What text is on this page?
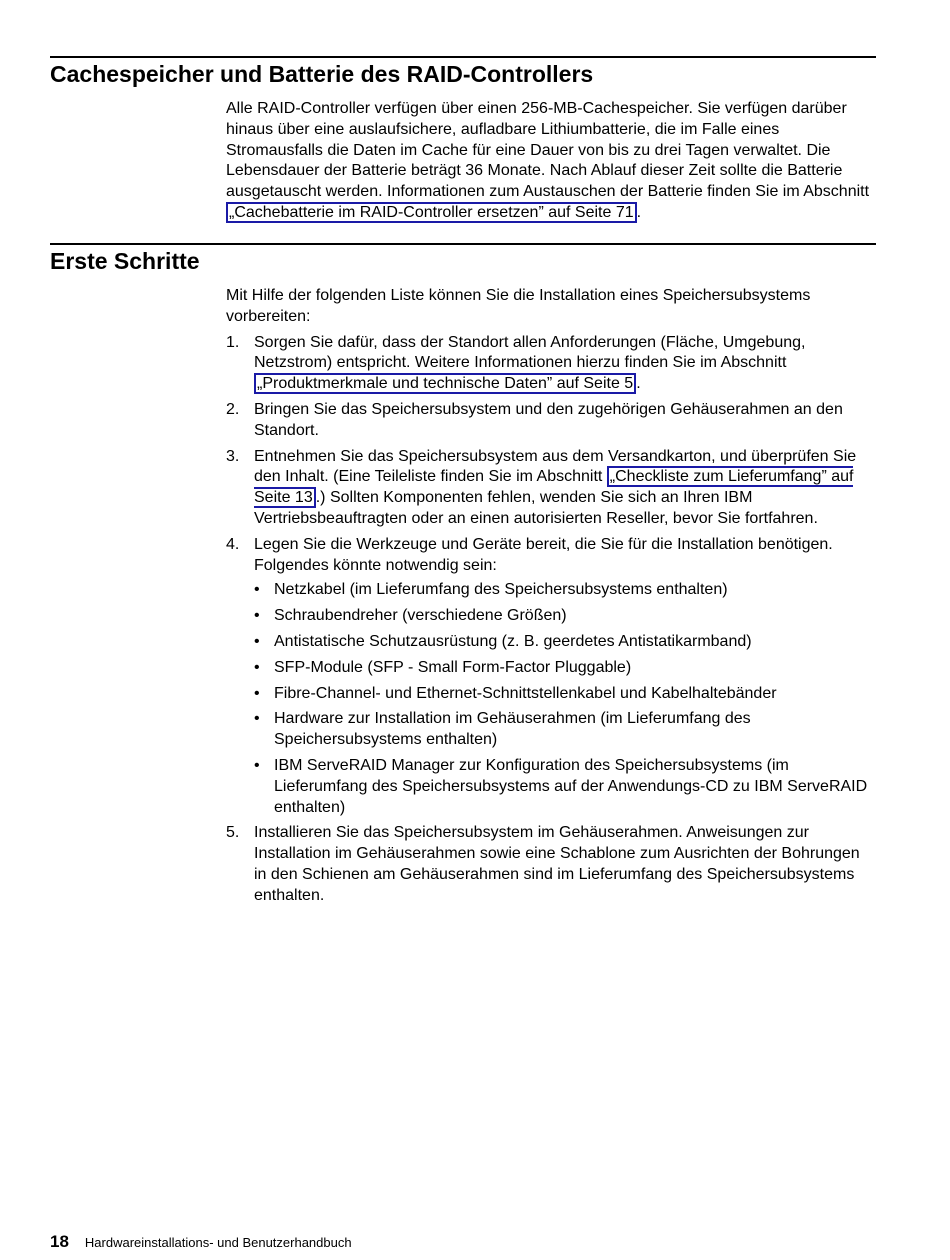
Cachespeicher und Batterie des RAID-Controllers

Alle RAID-Controller verfügen über einen 256-MB-Cachespeicher. Sie verfügen darüber hinaus über eine auslaufsichere, aufladbare Lithiumbatterie, die im Falle eines Stromausfalls die Daten im Cache für eine Dauer von bis zu drei Tagen verwaltet. Die Lebensdauer der Batterie beträgt 36 Monate. Nach Ablauf dieser Zeit sollte die Batterie ausgetauscht werden. Informationen zum Austauschen der Batterie finden Sie im Abschnitt „Cachebatterie im RAID-Controller ersetzen” auf Seite 71 .

Erste Schritte

Mit Hilfe der folgenden Liste können Sie die Installation eines Speichersubsystems vorbereiten:

1. Sorgen Sie dafür, dass der Standort allen Anforderungen (Fläche, Umgebung, Netzstrom) entspricht. Weitere Informationen hierzu finden Sie im Abschnitt „Produktmerkmale und technische Daten” auf Seite 5 .
2. Bringen Sie das Speichersubsystem und den zugehörigen Gehäuserahmen an den Standort.
3. Entnehmen Sie das Speichersubsystem aus dem Versandkarton, und überprüfen Sie den Inhalt. (Eine Teileliste finden Sie im Abschnitt „Checkliste zum Lieferumfang” auf Seite 13 .) Sollten Komponenten fehlen, wenden Sie sich an Ihren IBM Vertriebsbeauftragten oder an einen autorisierten Reseller, bevor Sie fortfahren.
4. Legen Sie die Werkzeuge und Geräte bereit, die Sie für die Installation benötigen. Folgendes könnte notwendig sein:
• Netzkabel (im Lieferumfang des Speichersubsystems enthalten)
• Schraubendreher (verschiedene Größen)
• Antistatische Schutzausrüstung (z. B. geerdetes Antistatikarmband)
• SFP-Module (SFP - Small Form-Factor Pluggable)
• Fibre-Channel- und Ethernet-Schnittstellenkabel und Kabelhaltebänder
• Hardware zur Installation im Gehäuserahmen (im Lieferumfang des Speichersubsystems enthalten)
• IBM ServeRAID Manager zur Konfiguration des Speichersubsystems (im Lieferumfang des Speichersubsystems auf der Anwendungs-CD zu IBM ServeRAID enthalten)
5. Installieren Sie das Speichersubsystem im Gehäuserahmen. Anweisungen zur Installation im Gehäuserahmen sowie eine Schablone zum Ausrichten der Bohrungen in den Schienen am Gehäuserahmen sind im Lieferumfang des Speichersubsystems enthalten.
18 Hardwareinstallations- und Benutzerhandbuch
